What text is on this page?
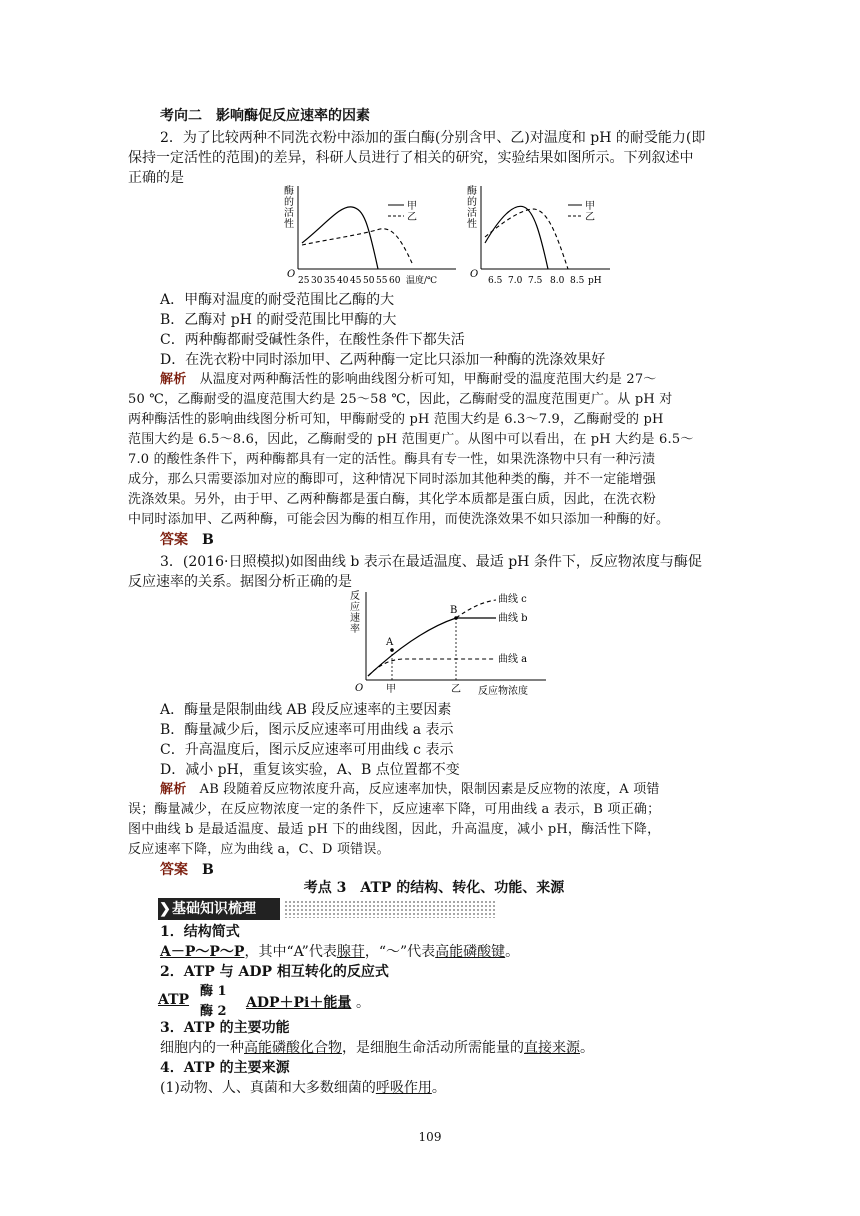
考向二　影响酶促反应速率的因素
2．为了比较两种不同洗衣粉中添加的蛋白酶(分别含甲、乙)对温度和 pH 的耐受能力(即
保持一定活性的范围)的差异，科研人员进行了相关的研究，实验结果如图所示。下列叙述中
正确的是
酶
的
活
性
O
甲
乙
25 30 35 40 45 50 55 60 温度/℃
酶
的
活
性
O
甲
乙
6.5 7.0 7.5 8.0 8.5 pH
A．甲酶对温度的耐受范围比乙酶的大
B．乙酶对 pH 的耐受范围比甲酶的大
C．两种酶都耐受碱性条件，在酸性条件下都失活
D．在洗衣粉中同时添加甲、乙两种酶一定比只添加一种酶的洗涤效果好
解析　 从温度对两种酶活性的影响曲线图分析可知，甲酶耐受的温度范围大约是 27～
50 ℃，乙酶耐受的温度范围大约是 25～58 ℃，因此，乙酶耐受的温度范围更广。从 pH 对
两种酶活性的影响曲线图分析可知，甲酶耐受的 pH 范围大约是 6.3～7.9，乙酶耐受的 pH
范围大约是 6.5～8.6，因此，乙酶耐受的 pH 范围更广。从图中可以看出，在 pH 大约是 6.5～
7.0 的酸性条件下，两种酶都具有一定的活性。酶具有专一性，如果洗涤物中只有一种污渍
成分，那么只需要添加对应的酶即可，这种情况下同时添加其他种类的酶，并不一定能增强
洗涤效果。另外，由于甲、乙两种酶都是蛋白酶，其化学本质都是蛋白质，因此，在洗衣粉
中同时添加甲、乙两种酶，可能会因为酶的相互作用，而使洗涤效果不如只添加一种酶的好。
答案　 B
3．(2016·日照模拟)如图曲线 b 表示在最适温度、最适 pH 条件下，反应物浓度与酶促
反应速率的关系。据图分析正确的是
反
应
速
率
O
A
B
曲线 c
曲线 b
曲线 a
甲	乙 反应物浓度
A．酶量是限制曲线 AB 段反应速率的主要因素
B．酶量减少后，图示反应速率可用曲线 a 表示
C．升高温度后，图示反应速率可用曲线 c 表示
D．减小 pH，重复该实验，A、B 点位置都不变
解析　 AB 段随着反应物浓度升高，反应速率加快，限制因素是反应物的浓度，A 项错
误；酶量减少，在反应物浓度一定的条件下，反应速率下降，可用曲线 a 表示，B 项正确；
图中曲线 b 是最适温度、最适 pH 下的曲线图，因此，升高温度，减小 pH，酶活性下降，
反应速率下降，应为曲线 a，C、D 项错误。
答案　 B
考点 3　ATP 的结构、转化、功能、来源
❯基础知识梳理
1．结构简式
A－P～P～P，其中“A”代表腺苷，“～”代表高能磷酸键。
2．ATP 与 ADP 相互转化的反应式
ATP
酶 1
酶 2
ADP＋Pi＋能量 。
3．ATP 的主要功能
细胞内的一种高能磷酸化合物，是细胞生命活动所需能量的直接来源。
4．ATP 的主要来源
(1)动物、人、真菌和大多数细菌的呼吸作用。
109
